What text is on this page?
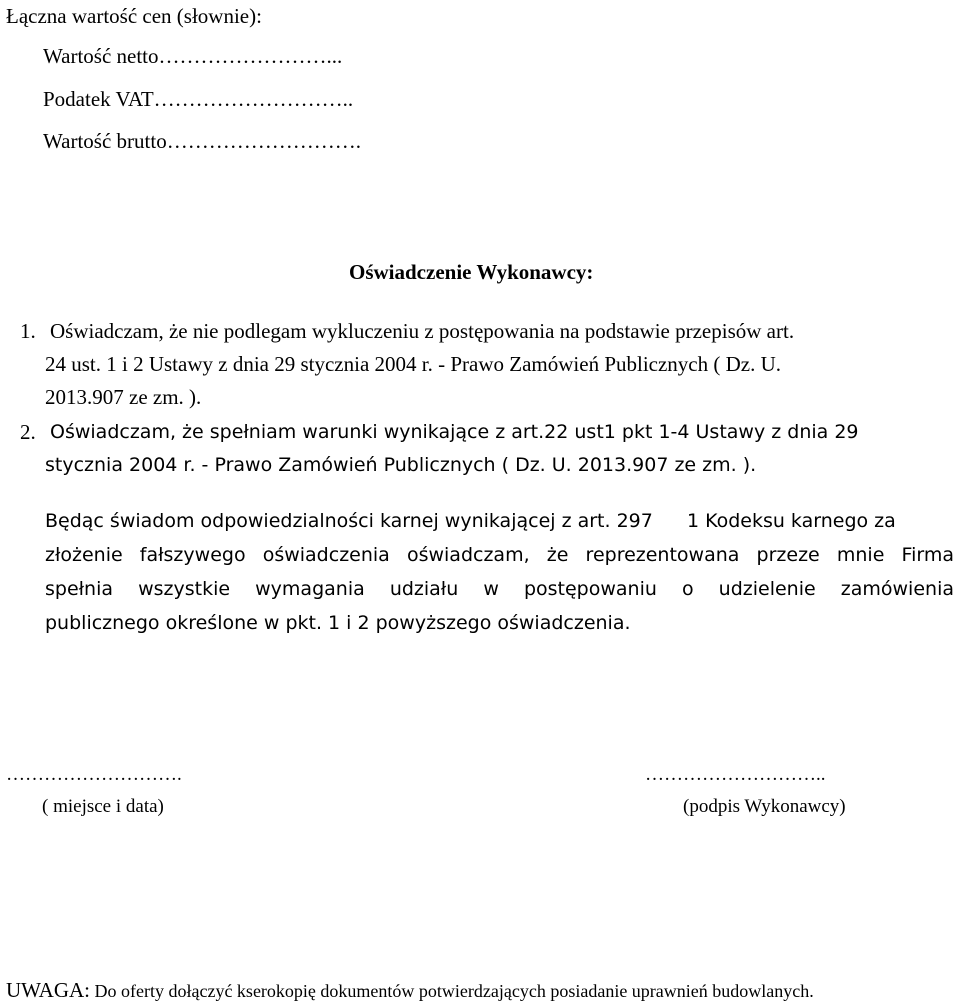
Łączna wartość cen (słownie):
Wartość netto……………………...
Podatek VAT………………………..
Wartość brutto……………………….
Oświadczenie Wykonawcy:
1. Oświadczam, że nie podlegam wykluczeniu z postępowania na podstawie przepisów art.
24 ust. 1 i 2 Ustawy z dnia 29 stycznia 2004 r. - Prawo Zamówień Publicznych ( Dz. U.
2013.907 ze zm. ).
2. Oświadczam, że spełniam warunki wynikające z art.22 ust1 pkt 1-4 Ustawy z dnia 29
stycznia 2004 r. - Prawo Zamówień Publicznych ( Dz. U. 2013.907 ze zm. ).
Będąc świadom odpowiedzialności karnej wynikającej z art. 297 1 Kodeksu karnego za
złożenie fałszywego oświadczenia oświadczam, że reprezentowana przeze mnie Firma
spełnia wszystkie wymagania udziału w postępowaniu o udzielenie zamówienia
publicznego określone w pkt. 1 i 2 powyższego oświadczenia.
……………………….
( miejsce i data)
………………………..
(podpis Wykonawcy)
UWAGA: Do oferty dołączyć kserokopię dokumentów potwierdzających posiadanie uprawnień budowlanych.
